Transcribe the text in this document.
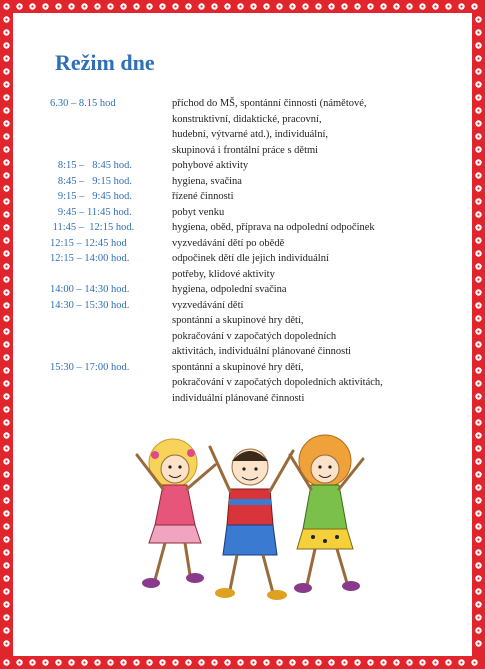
Režim dne
6.30 – 8.15 hod	příchod do MŠ, spontánní činnosti (námětové,
konstruktivní, didaktické, pracovní,
hudební, výtvarné atd.), individuální,
skupinová i frontální práce s dětmi
8:15 –   8:45 hod.	pohybové aktivity
8:45 –   9:15 hod.	hygiena, svačina
9:15 –   9:45 hod.	řízené činnosti
9:45 – 11:45 hod.	pobyt venku
11:45 –  12:15 hod.	hygiena, oběd, příprava na odpolední odpočinek
12:15 – 12:45 hod	vyzvedávání dětí po obědě
12:15 – 14:00 hod.	odpočinek dětí dle jejich individuální
potřeby, klidové aktivity
14:00 – 14:30 hod.	hygiena, odpolední svačina
14:30 – 15:30 hod.	vyzvedávání dětí
spontánní a skupinové hry dětí,
pokračování v započatých dopoledních
aktivitách, individuální plánované činnosti
15:30 – 17:00 hod.	spontánní a skupinové hry dětí,
pokračování v započatých dopoledních aktivitách,
individuální plánované činnosti
